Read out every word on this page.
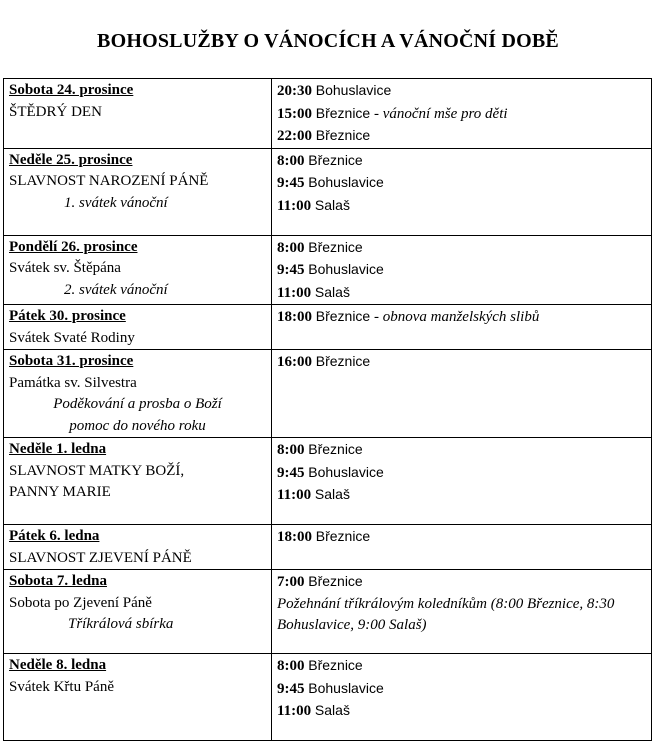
BOHOSLUŽBY O VÁNOCÍCH A VÁNOČNÍ DOBĚ
Sobota 24. prosince
ŠTĚDRÝ DEN	20:30 Bohuslavice
15:00 Březnice - vánoční mše pro děti
22:00 Březnice

Neděle 25. prosince
SLAVNOST NAROZENÍ PÁNĚ
1. svátek vánoční	8:00 Březnice
9:45 Bohuslavice
11:00 Salaš

Pondělí 26. prosince
Svátek sv. Štěpána
2. svátek vánoční	8:00 Březnice
9:45 Bohuslavice
11:00 Salaš

Pátek 30. prosince
Svátek Svaté Rodiny	18:00 Březnice - obnova manželských slibů

Sobota 31. prosince
Památka sv. Silvestra
Poděkování a prosba o Boží
pomoc do nového roku	16:00 Březnice

Neděle 1. ledna
SLAVNOST MATKY BOŽÍ,
PANNY MARIE	8:00 Březnice
9:45 Bohuslavice
11:00 Salaš

Pátek 6. ledna
SLAVNOST ZJEVENÍ PÁNĚ	18:00 Březnice

Sobota 7. ledna
Sobota po Zjevení Páně
Tříkrálová sbírka	7:00 Březnice
Požehnání tříkrálovým koledníkům (8:00 Březnice, 8:30 Bohuslavice, 9:00 Salaš)

Neděle 8. ledna
Svátek Křtu Páně	8:00 Březnice
9:45 Bohuslavice
11:00 Salaš
